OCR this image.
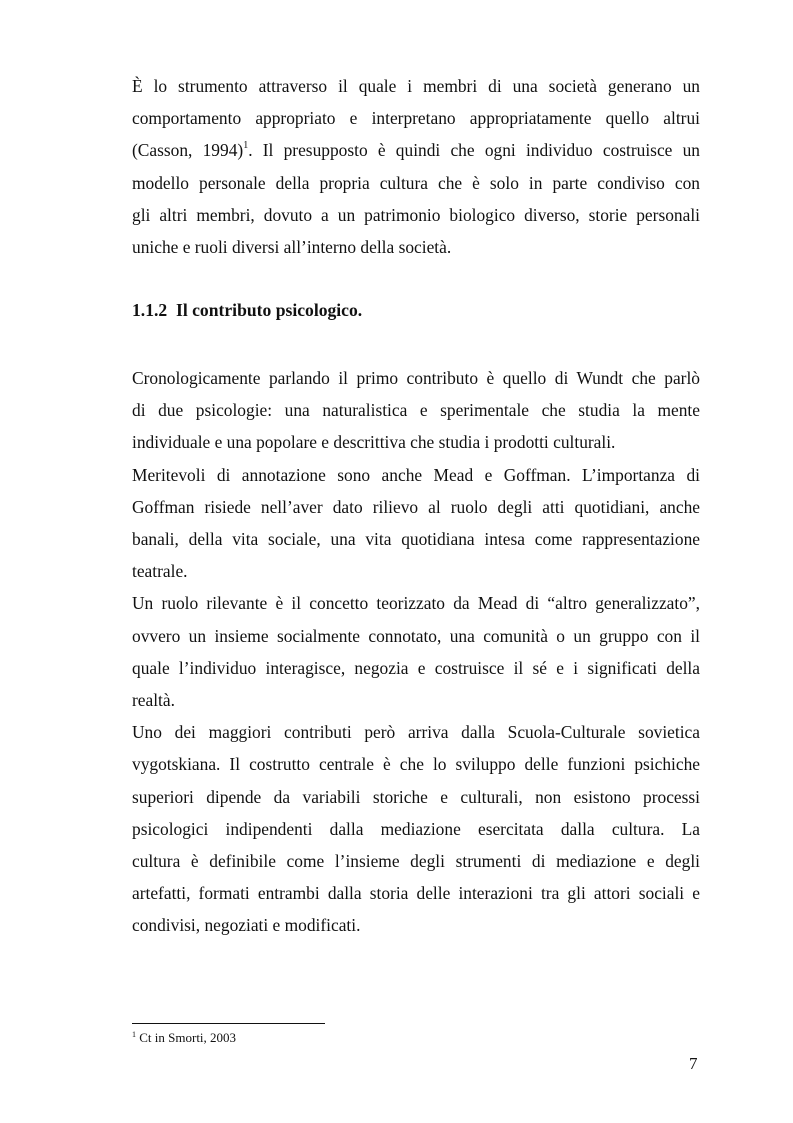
È lo strumento attraverso il quale i membri di una società generano un
comportamento appropriato e interpretano appropriatamente quello altrui
(Casson, 1994)$^1$. Il presupposto è quindi che ogni individuo costruisce un
modello personale della propria cultura che è solo in parte condiviso con
gli altri membri, dovuto a un patrimonio biologico diverso, storie personali
uniche e ruoli diversi all’interno della società.
1.1.2 Il contributo psicologico.
Cronologicamente parlando il primo contributo è quello di Wundt che parlò
di due psicologie: una naturalistica e sperimentale che studia la mente
individuale e una popolare e descrittiva che studia i prodotti culturali.
Meritevoli di annotazione sono anche Mead e Goffman. L’importanza di
Goffman risiede nell’aver dato rilievo al ruolo degli atti quotidiani, anche
banali, della vita sociale, una vita quotidiana intesa come rappresentazione
teatrale.
Un ruolo rilevante è il concetto teorizzato da Mead di “altro generalizzato”,
ovvero un insieme socialmente connotato, una comunità o un gruppo con il
quale l’individuo interagisce, negozia e costruisce il sé e i significati della
realtà.
Uno dei maggiori contributi però arriva dalla Scuola-Culturale sovietica
vygotskiana. Il costrutto centrale è che lo sviluppo delle funzioni psichiche
superiori dipende da variabili storiche e culturali, non esistono processi
psicologici indipendenti dalla mediazione esercitata dalla cultura. La
cultura è definibile come l’insieme degli strumenti di mediazione e degli
artefatti, formati entrambi dalla storia delle interazioni tra gli attori sociali e
condivisi, negoziati e modificati.

$^1$ Ct in Smorti, 2003

7
